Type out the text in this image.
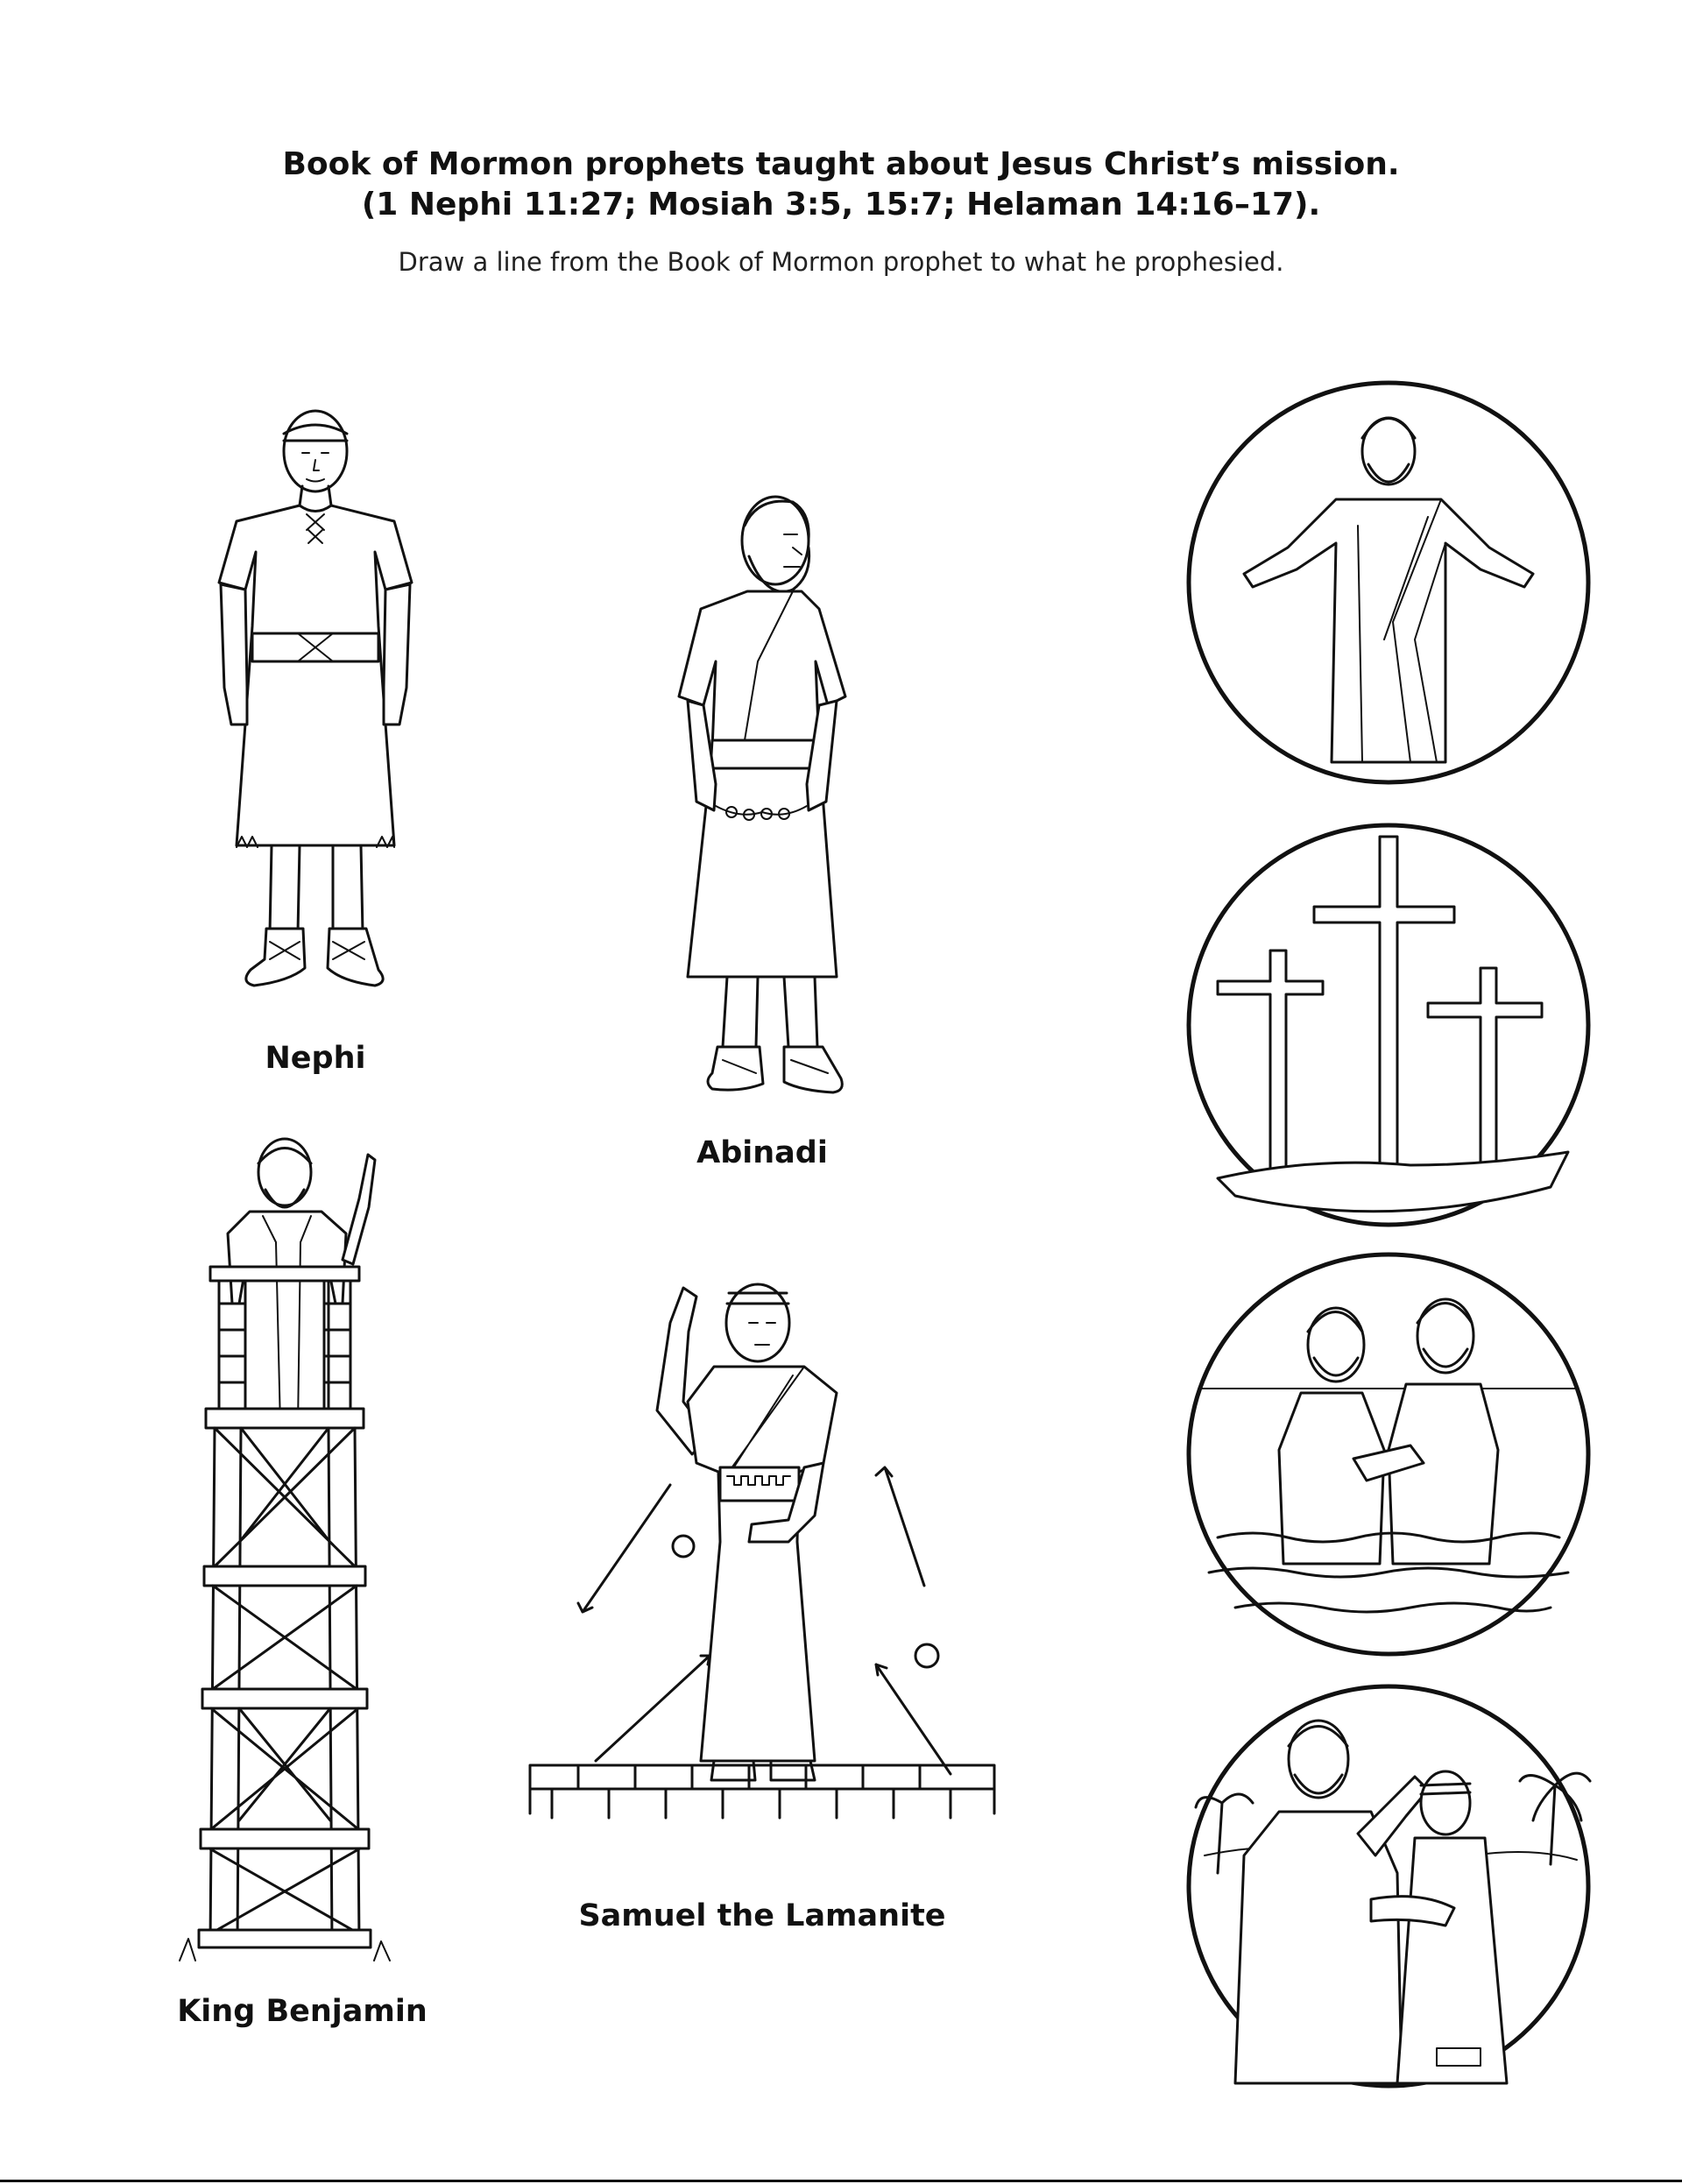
Book of Mormon prophets taught about Jesus Christ’s mission.
(1 Nephi 11:27; Mosiah 3:5, 15:7; Helaman 14:16–17).
Draw a line from the Book of Mormon prophet to what he prophesied.
Nephi
Abinadi
King Benjamin
Samuel the Lamanite
